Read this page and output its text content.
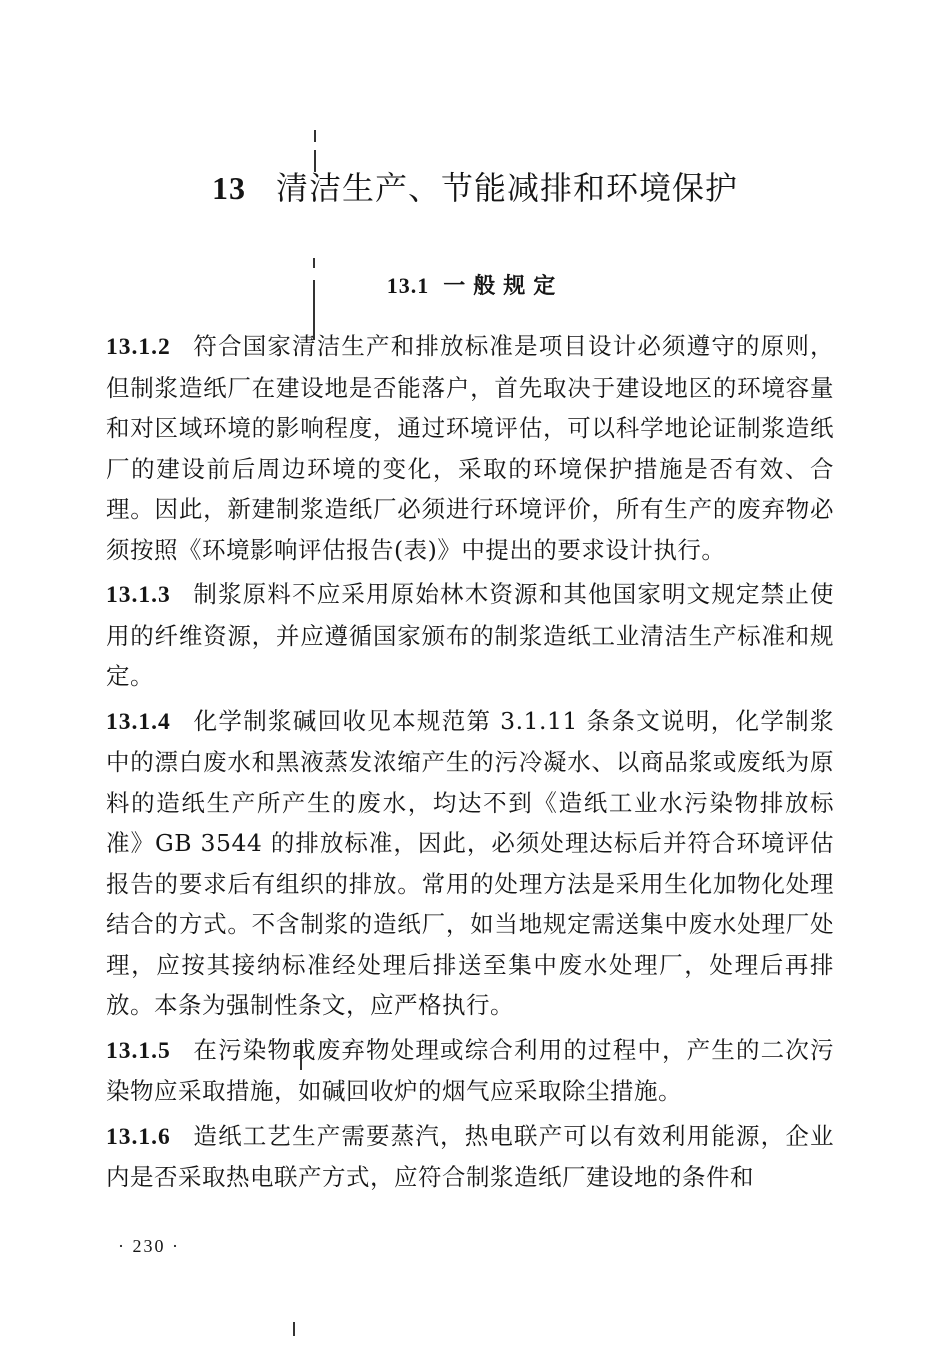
13 清洁生产、节能减排和环境保护
13.1 一般规定

13.1.2 符合国家清洁生产和排放标准是项目设计必须遵守的原则，但制浆造纸厂在建设地是否能落户，首先取决于建设地区的环境容量和对区域环境的影响程度，通过环境评估，可以科学地论证制浆造纸厂的建设前后周边环境的变化，采取的环境保护措施是否有效、合理。因此，新建制浆造纸厂必须进行环境评价，所有生产的废弃物必须按照《环境影响评估报告(表)》中提出的要求设计执行。

13.1.3 制浆原料不应采用原始林木资源和其他国家明文规定禁止使用的纤维资源，并应遵循国家颁布的制浆造纸工业清洁生产标准和规定。

13.1.4 化学制浆碱回收见本规范第 3.1.11 条条文说明，化学制浆中的漂白废水和黑液蒸发浓缩产生的污冷凝水、以商品浆或废纸为原料的造纸生产所产生的废水，均达不到《造纸工业水污染物排放标准》GB 3544 的排放标准，因此，必须处理达标后并符合环境评估报告的要求后有组织的排放。常用的处理方法是采用生化加物化处理结合的方式。不含制浆的造纸厂，如当地规定需送集中废水处理厂处理，应按其接纳标准经处理后排送至集中废水处理厂，处理后再排放。本条为强制性条文，应严格执行。

13.1.5 在污染物或废弃物处理或综合利用的过程中，产生的二次污染物应采取措施，如碱回收炉的烟气应采取除尘措施。

13.1.6 造纸工艺生产需要蒸汽，热电联产可以有效利用能源，企业内是否采取热电联产方式，应符合制浆造纸厂建设地的条件和

· 230 ·
